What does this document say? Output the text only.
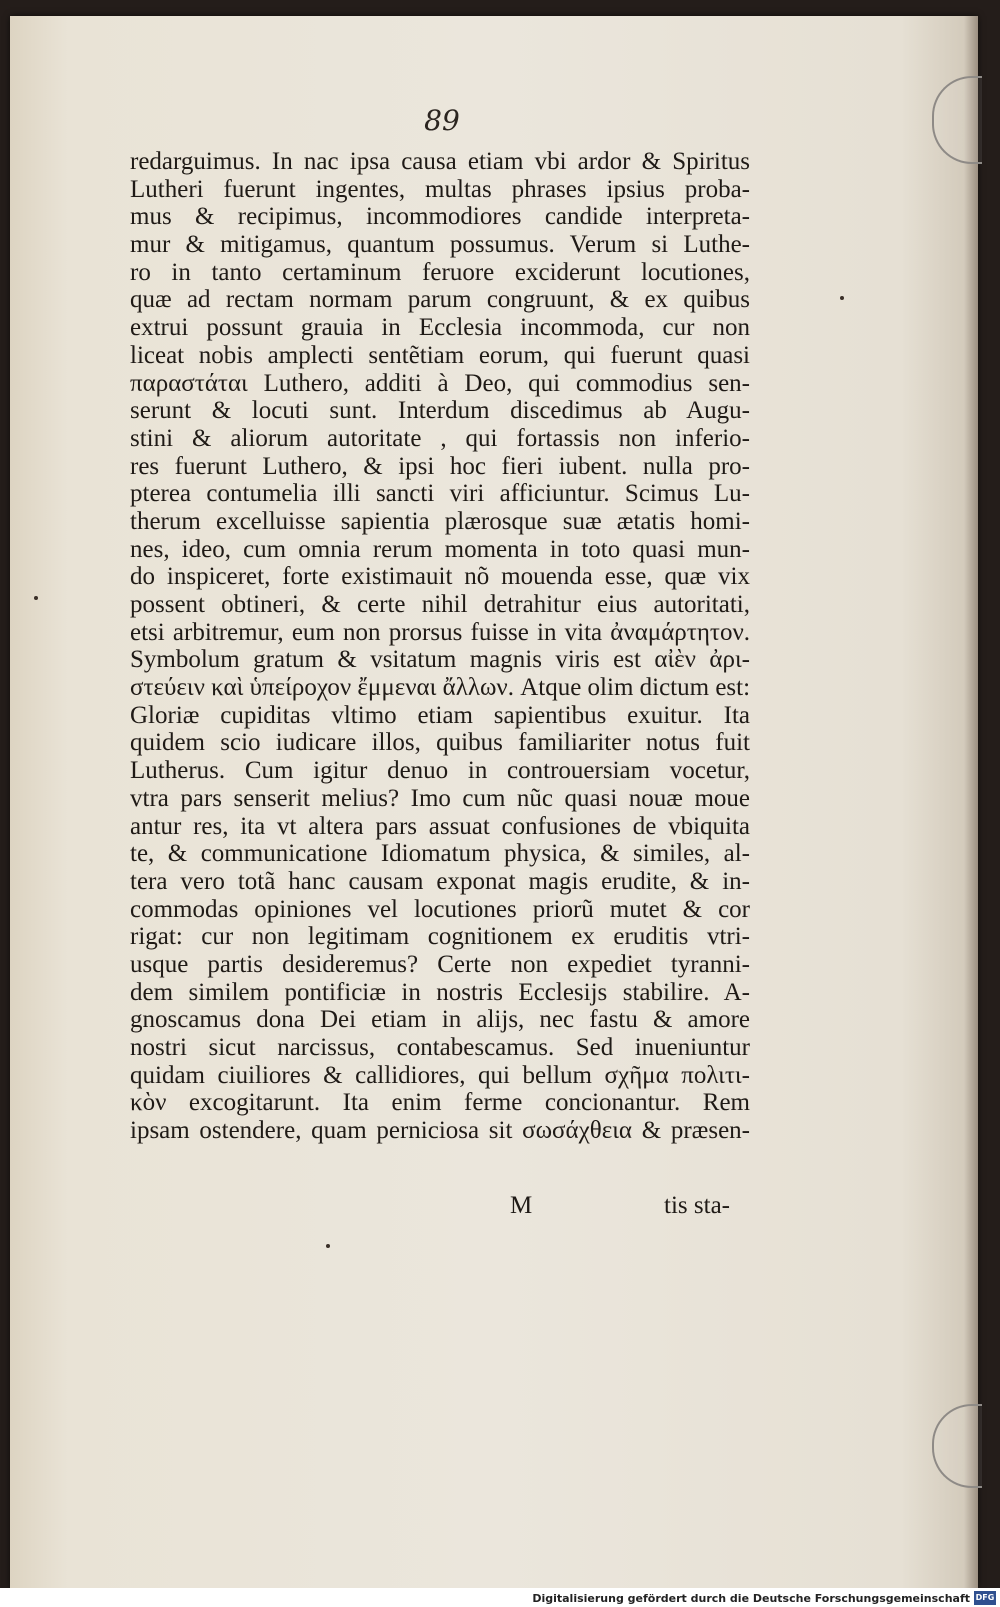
89
redarguimus. In nac ipsa causa etiam vbi ardor & Spiritus
Lutheri fuerunt ingentes, multas phrases ipsius proba-
mus & recipimus, incommodiores candide interpreta-
mur & mitigamus, quantum possumus. Verum si Luthe-
ro in tanto certaminum feruore exciderunt locutiones,
quæ ad rectam normam parum congruunt, & ex quibus
extrui possunt grauia in Ecclesia incommoda, cur non
liceat nobis amplecti sentẽtiam eorum, qui fuerunt quasi
παραστάται Luthero, additi à Deo, qui commodius sen-
serunt & locuti sunt. Interdum discedimus ab Augu-
stini & aliorum autoritate , qui fortassis non inferio-
res fuerunt Luthero, & ipsi hoc fieri iubent. nulla pro-
pterea contumelia illi sancti viri afficiuntur. Scimus Lu-
therum excelluisse sapientia plærosque suæ ætatis homi-
nes, ideo, cum omnia rerum momenta in toto quasi mun-
do inspiceret, forte existimauit nõ mouenda esse, quæ vix
possent obtineri, & certe nihil detrahitur eius autoritati,
etsi arbitremur, eum non prorsus fuisse in vita ἀναμάρτητον.
Symbolum gratum & vsitatum magnis viris est αἰὲν ἀρι-
στεύειν καὶ ὑπείροχον ἔμμεναι ἄλλων. Atque olim dictum est:
Gloriæ cupiditas vltimo etiam sapientibus exuitur. Ita
quidem scio iudicare illos, quibus familiariter notus fuit
Lutherus. Cum igitur denuo in controuersiam vocetur,
vtra pars senserit melius? Imo cum nũc quasi nouæ moue
antur res, ita vt altera pars assuat confusiones de vbiquita
te, & communicatione Idiomatum physica, & similes, al-
tera vero totã hanc causam exponat magis erudite, & in-
commodas opiniones vel locutiones priorũ mutet & cor
rigat: cur non legitimam cognitionem ex eruditis vtri-
usque partis desideremus? Certe non expediet tyranni-
dem similem pontificiæ in nostris Ecclesijs stabilire. A-
gnoscamus dona Dei etiam in alijs, nec fastu & amore
nostri sicut narcissus, contabescamus. Sed inueniuntur
quidam ciuiliores & callidiores, qui bellum σχῆμα πολιτι-
κὸν excogitarunt. Ita enim ferme concionantur. Rem
ipsam ostendere, quam perniciosa sit σωσάχθεια & præsen-
M	tis sta-
Digitalisierung gefördert durch die Deutsche Forschungsgemeinschaft DFG
